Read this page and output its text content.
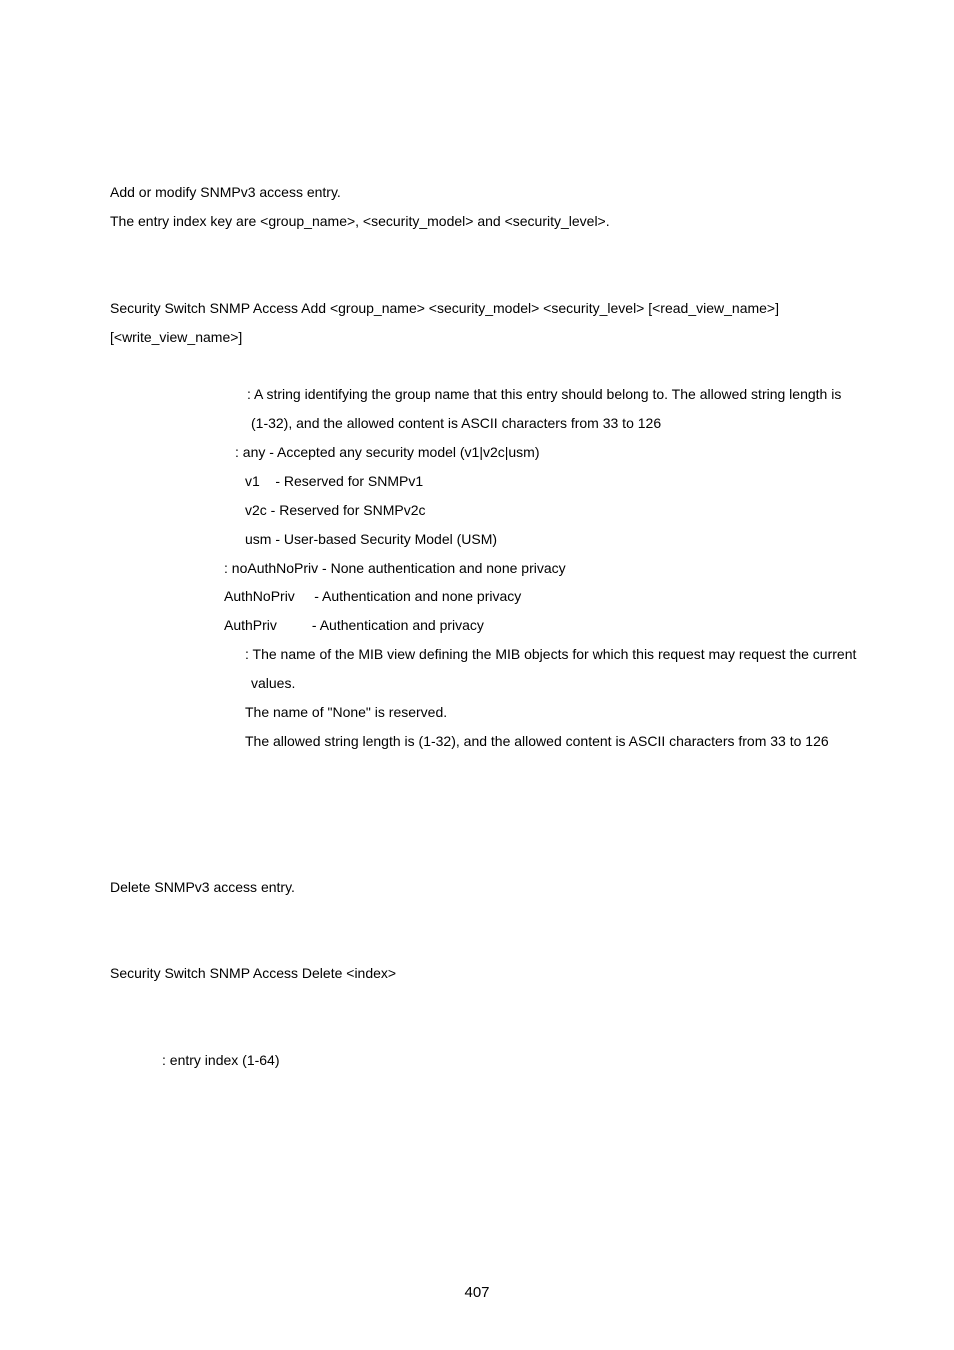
Add or modify SNMPv3 access entry.
The entry index key are <group_name>, <security_model> and <security_level>.
Security Switch SNMP Access Add <group_name> <security_model> <security_level> [<read_view_name>]
[<write_view_name>]
: A string identifying the group name that this entry should belong to. The allowed string length is
(1-32), and the allowed content is ASCII characters from 33 to 126
: any - Accepted any security model (v1|v2c|usm)
v1    - Reserved for SNMPv1
v2c - Reserved for SNMPv2c
usm - User-based Security Model (USM)
: noAuthNoPriv - None authentication and none privacy
AuthNoPriv     - Authentication and none privacy
AuthPriv         - Authentication and privacy
: The name of the MIB view defining the MIB objects for which this request may request the current
values.
The name of "None" is reserved.
The allowed string length is (1-32), and the allowed content is ASCII characters from 33 to 126
Delete SNMPv3 access entry.
Security Switch SNMP Access Delete <index>
: entry index (1-64)
407
